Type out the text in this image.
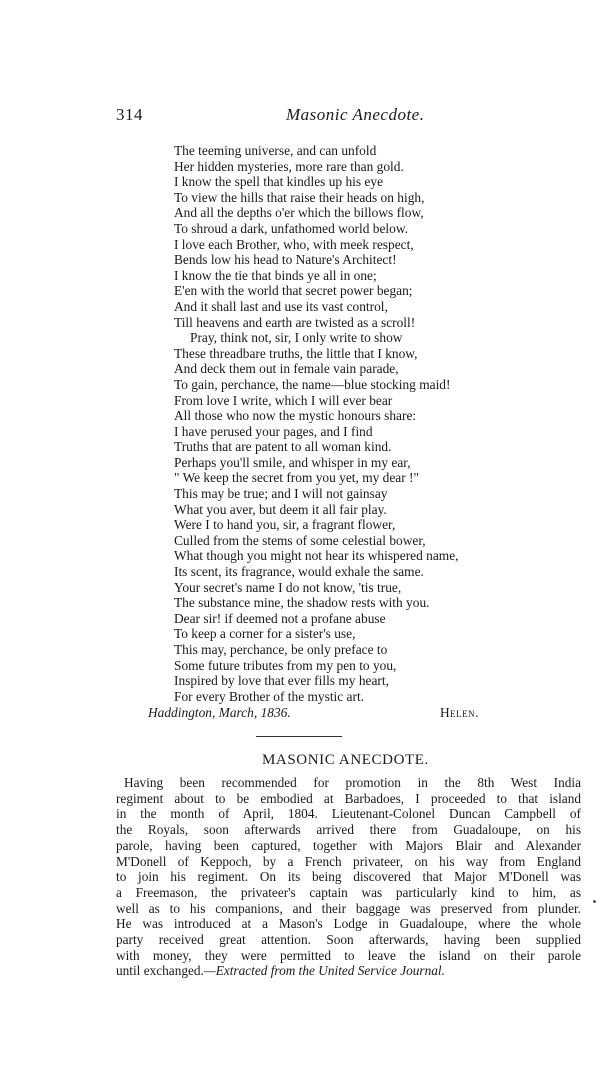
314	Masonic Anecdote.
The teeming universe, and can unfold
Her hidden mysteries, more rare than gold.
I know the spell that kindles up his eye
To view the hills that raise their heads on high,
And all the depths o'er which the billows flow,
To shroud a dark, unfathomed world below.
I love each Brother, who, with meek respect,
Bends low his head to Nature's Architect!
I know the tie that binds ye all in one;
E'en with the world that secret power began;
And it shall last and use its vast control,
Till heavens and earth are twisted as a scroll!
Pray, think not, sir, I only write to show
These threadbare truths, the little that I know,
And deck them out in female vain parade,
To gain, perchance, the name—blue stocking maid!
From love I write, which I will ever bear
All those who now the mystic honours share:
I have perused your pages, and I find
Truths that are patent to all woman kind.
Perhaps you'll smile, and whisper in my ear,
" We keep the secret from you yet, my dear !"
This may be true; and I will not gainsay
What you aver, but deem it all fair play.
Were I to hand you, sir, a fragrant flower,
Culled from the stems of some celestial bower,
What though you might not hear its whispered name,
Its scent, its fragrance, would exhale the same.
Your secret's name I do not know, 'tis true,
The substance mine, the shadow rests with you.
Dear sir! if deemed not a profane abuse
To keep a corner for a sister's use,
This may, perchance, be only preface to
Some future tributes from my pen to you,
Inspired by love that ever fills my heart,
For every Brother of the mystic art.
Haddington, March, 1836.	Helen.
MASONIC ANECDOTE.
Having been recommended for promotion in the 8th West India
regiment about to be embodied at Barbadoes, I proceeded to that island
in the month of April, 1804. Lieutenant-Colonel Duncan Campbell of
the Royals, soon afterwards arrived there from Guadaloupe, on his
parole, having been captured, together with Majors Blair and Alexander
M'Donell of Keppoch, by a French privateer, on his way from England
to join his regiment. On its being discovered that Major M'Donell was
a Freemason, the privateer's captain was particularly kind to him, as
well as to his companions, and their baggage was preserved from plunder.
He was introduced at a Mason's Lodge in Guadaloupe, where the whole
party received great attention. Soon afterwards, having been supplied
with money, they were permitted to leave the island on their parole
until exchanged.—Extracted from the United Service Journal.
